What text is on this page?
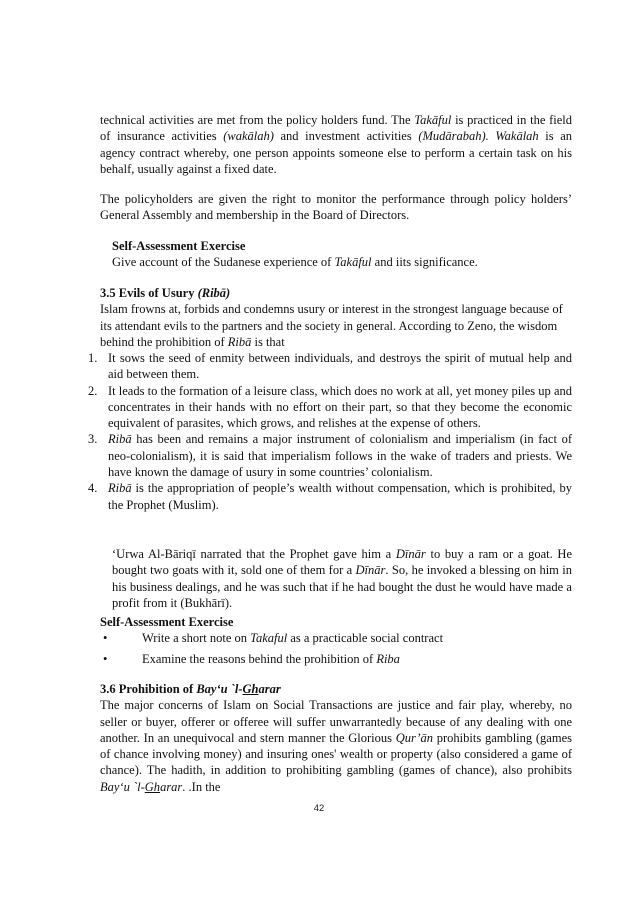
technical activities are met from the policy holders fund. The Takāful is practiced in the field of insurance activities (wakālah) and investment activities (Mudārabah). Wakālah is an agency contract whereby, one person appoints someone else to perform a certain task on his behalf, usually against a fixed date.

The policyholders are given the right to monitor the performance through policy holders’ General Assembly and membership in the Board of Directors.

Self-Assessment Exercise
Give account of the Sudanese experience of Takāful and iits significance.
3.5 Evils of Usury (Ribā)
Islam frowns at, forbids and condemns usury or interest in the strongest language because of its attendant evils to the partners and the society in general. According to Zeno, the wisdom behind the prohibition of Ribā is that
1. It sows the seed of enmity between individuals, and destroys the spirit of mutual help and aid between them.
2. It leads to the formation of a leisure class, which does no work at all, yet money piles up and concentrates in their hands with no effort on their part, so that they become the economic equivalent of parasites, which grows, and relishes at the expense of others.
3. Ribā has been and remains a major instrument of colonialism and imperialism (in fact of neo-colonialism), it is said that imperialism follows in the wake of traders and priests. We have known the damage of usury in some countries’ colonialism.
4. Ribā is the appropriation of people’s wealth without compensation, which is prohibited, by the Prophet (Muslim).

‘Urwa Al-Bāriqī narrated that the Prophet gave him a Dīnār to buy a ram or a goat. He bought two goats with it, sold one of them for a Dīnār. So, he invoked a blessing on him in his business dealings, and he was such that if he had bought the dust he would have made a profit from it (Bukhārī).

Self-Assessment Exercise
•	Write a short note on Takaful as a practicable social contract
•	Examine the reasons behind the prohibition of Riba
3.6 Prohibition of Bay‘u `l-Gharar
The major concerns of Islam on Social Transactions are justice and fair play, whereby, no seller or buyer, offerer or offeree will suffer unwarrantedly because of any dealing with one another. In an unequivocal and stern manner the Glorious Qur’ān prohibits gambling (games of chance involving money) and insuring ones' wealth or property (also considered a game of chance). The hadith, in addition to prohibiting gambling (games of chance), also prohibits Bay‘u `l-Gharar. .In the
42
